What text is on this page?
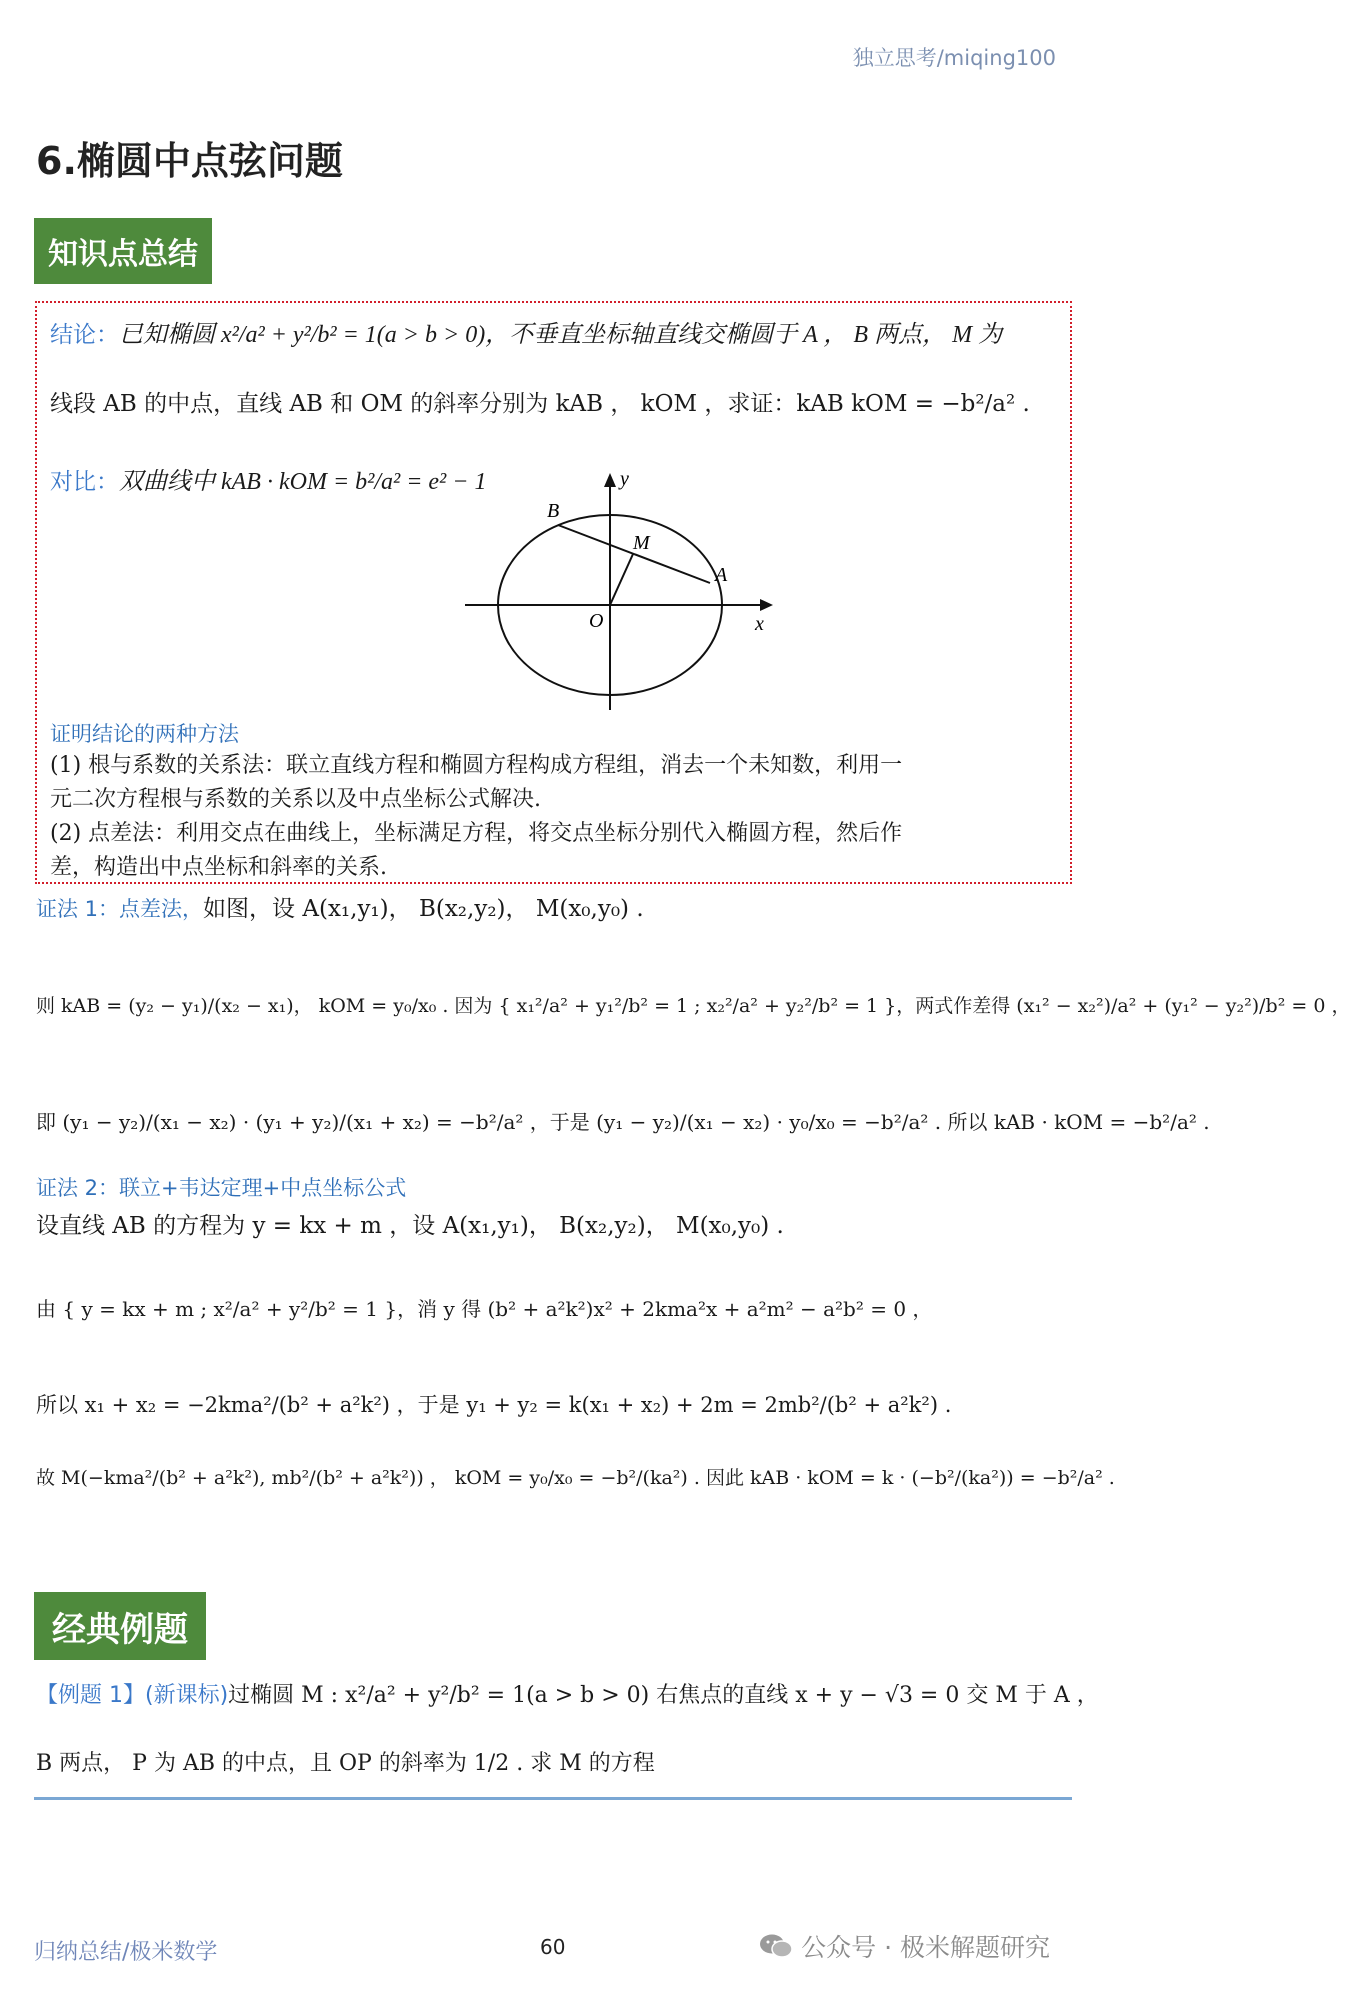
独立思考/miqing100
6.椭圆中点弦问题
知识点总结
结论：已知椭圆 x²/a² + y²/b² = 1(a > b > 0)，不垂直坐标轴直线交椭圆于 A ， B 两点， M 为
线段 AB 的中点，直线 AB 和 OM 的斜率分别为 kAB ， kOM ，求证：kAB kOM = −b²/a² .
对比：双曲线中 kAB · kOM = b²/a² = e² − 1	y
x
B
M
A
O
证明结论的两种方法
(1) 根与系数的关系法：联立直线方程和椭圆方程构成方程组，消去一个未知数，利用一
元二次方程根与系数的关系以及中点坐标公式解决.
(2) 点差法：利用交点在曲线上，坐标满足方程，将交点坐标分别代入椭圆方程，然后作
差，构造出中点坐标和斜率的关系.
证法 1：点差法，如图，设 A(x₁,y₁)， B(x₂,y₂)， M(x₀,y₀) .
则 kAB = (y₂ − y₁)/(x₂ − x₁)， kOM = y₀/x₀ . 因为 { x₁²/a² + y₁²/b² = 1 ; x₂²/a² + y₂²/b² = 1 }，两式作差得 (x₁² − x₂²)/a² + (y₁² − y₂²)/b² = 0 ，
即 (y₁ − y₂)/(x₁ − x₂) · (y₁ + y₂)/(x₁ + x₂) = −b²/a² ，于是 (y₁ − y₂)/(x₁ − x₂) · y₀/x₀ = −b²/a² . 所以 kAB · kOM = −b²/a² .
证法 2：联立+韦达定理+中点坐标公式
设直线 AB 的方程为 y = kx + m ，设 A(x₁,y₁)， B(x₂,y₂)， M(x₀,y₀) .
由 { y = kx + m ; x²/a² + y²/b² = 1 }，消 y 得 (b² + a²k²)x² + 2kma²x + a²m² − a²b² = 0 ，
所以 x₁ + x₂ = −2kma²/(b² + a²k²) ，于是 y₁ + y₂ = k(x₁ + x₂) + 2m = 2mb²/(b² + a²k²) .
故 M(−kma²/(b² + a²k²), mb²/(b² + a²k²)) ， kOM = y₀/x₀ = −b²/(ka²) . 因此 kAB · kOM = k · (−b²/(ka²)) = −b²/a² .
经典例题
【例题 1】(新课标)过椭圆 M : x²/a² + y²/b² = 1(a > b > 0) 右焦点的直线 x + y − √3 = 0 交 M 于 A ，
B 两点， P 为 AB 的中点，且 OP 的斜率为 1/2 . 求 M 的方程
归纳总结/极米数学	60	公众号 · 极米解题研究
